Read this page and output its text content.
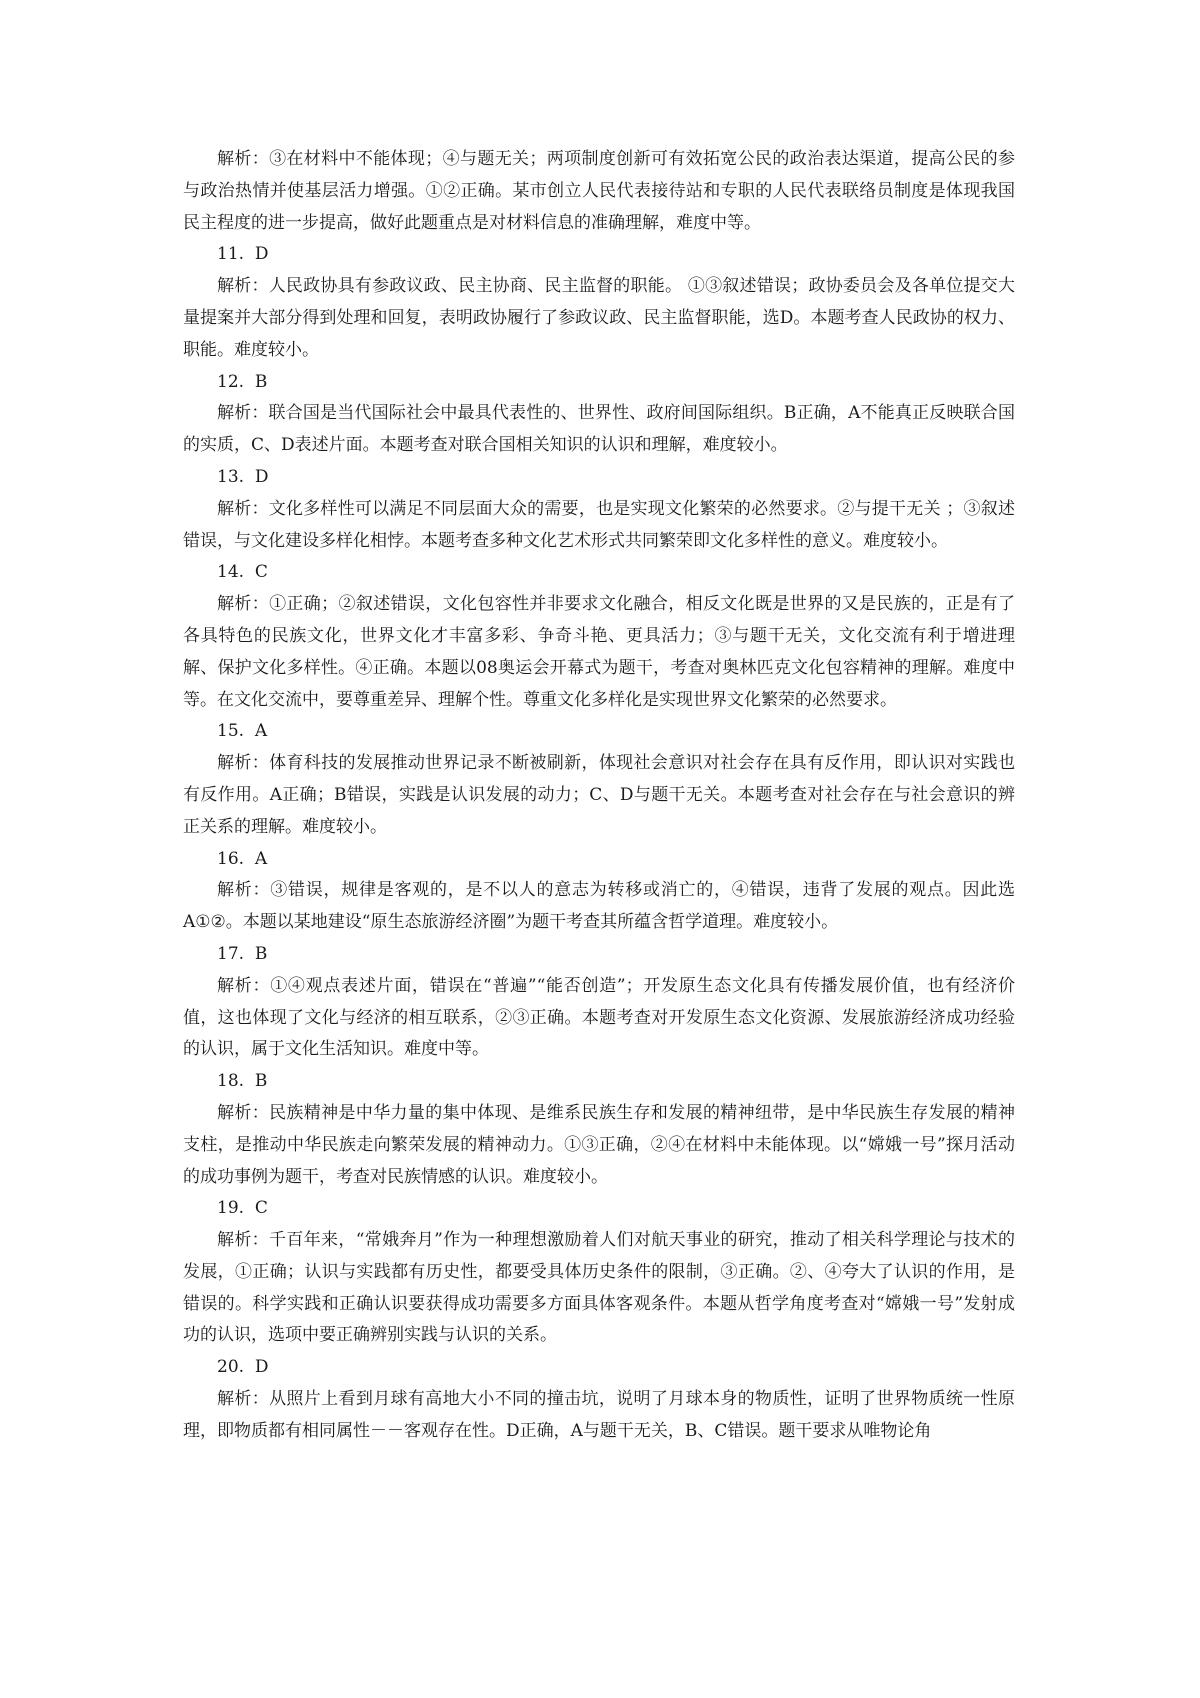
解析：③在材料中不能体现；④与题无关；两项制度创新可有效拓宽公民的政治表达渠道，提高公民的参与政治热情并使基层活力增强。①②正确。某市创立人民代表接待站和专职的人民代表联络员制度是体现我国民主程度的进一步提高，做好此题重点是对材料信息的准确理解，难度中等。

11.  D

解析：人民政协具有参政议政、民主协商、民主监督的职能。 ①③叙述错误；政协委员会及各单位提交大量提案并大部分得到处理和回复，表明政协履行了参政议政、民主监督职能，选D。本题考查人民政协的权力、职能。难度较小。

12.  B

解析：联合国是当代国际社会中最具代表性的、世界性、政府间国际组织。B正确，A不能真正反映联合国的实质，C、D表述片面。本题考查对联合国相关知识的认识和理解，难度较小。

13.  D

解析：文化多样性可以满足不同层面大众的需要，也是实现文化繁荣的必然要求。②与提干无关 ；③叙述错误，与文化建设多样化相悖。本题考查多种文化艺术形式共同繁荣即文化多样性的意义。难度较小。

14.  C

解析：①正确；②叙述错误，文化包容性并非要求文化融合，相反文化既是世界的又是民族的，正是有了各具特色的民族文化，世界文化才丰富多彩、争奇斗艳、更具活力；③与题干无关，文化交流有利于增进理解、保护文化多样性。④正确。本题以08奥运会开幕式为题干，考查对奥林匹克文化包容精神的理解。难度中等。在文化交流中，要尊重差异、理解个性。尊重文化多样化是实现世界文化繁荣的必然要求。

15.  A

解析：体育科技的发展推动世界记录不断被刷新，体现社会意识对社会存在具有反作用，即认识对实践也有反作用。A正确；B错误，实践是认识发展的动力；C、D与题干无关。本题考查对社会存在与社会意识的辨正关系的理解。难度较小。

16.  A

解析：③错误，规律是客观的，是不以人的意志为转移或消亡的，④错误，违背了发展的观点。因此选A①②。本题以某地建设“原生态旅游经济圈”为题干考查其所蕴含哲学道理。难度较小。

17.  B

解析：①④观点表述片面，错误在“普遍”“能否创造”；开发原生态文化具有传播发展价值，也有经济价值，这也体现了文化与经济的相互联系，②③正确。本题考查对开发原生态文化资源、发展旅游经济成功经验的认识，属于文化生活知识。难度中等。

18.  B

解析：民族精神是中华力量的集中体现、是维系民族生存和发展的精神纽带，是中华民族生存发展的精神支柱，是推动中华民族走向繁荣发展的精神动力。①③正确，②④在材料中未能体现。以“嫦娥一号”探月活动的成功事例为题干，考查对民族情感的认识。难度较小。

19.  C

解析：千百年来，“常娥奔月”作为一种理想激励着人们对航天事业的研究，推动了相关科学理论与技术的发展，①正确；认识与实践都有历史性，都要受具体历史条件的限制，③正确。②、④夸大了认识的作用，是错误的。科学实践和正确认识要获得成功需要多方面具体客观条件。本题从哲学角度考查对“嫦娥一号”发射成功的认识，选项中要正确辨别实践与认识的关系。

20.  D

解析：从照片上看到月球有高地大小不同的撞击坑，说明了月球本身的物质性，证明了世界物质统一性原理，即物质都有相同属性－－客观存在性。D正确，A与题干无关，B、C错误。题干要求从唯物论角
